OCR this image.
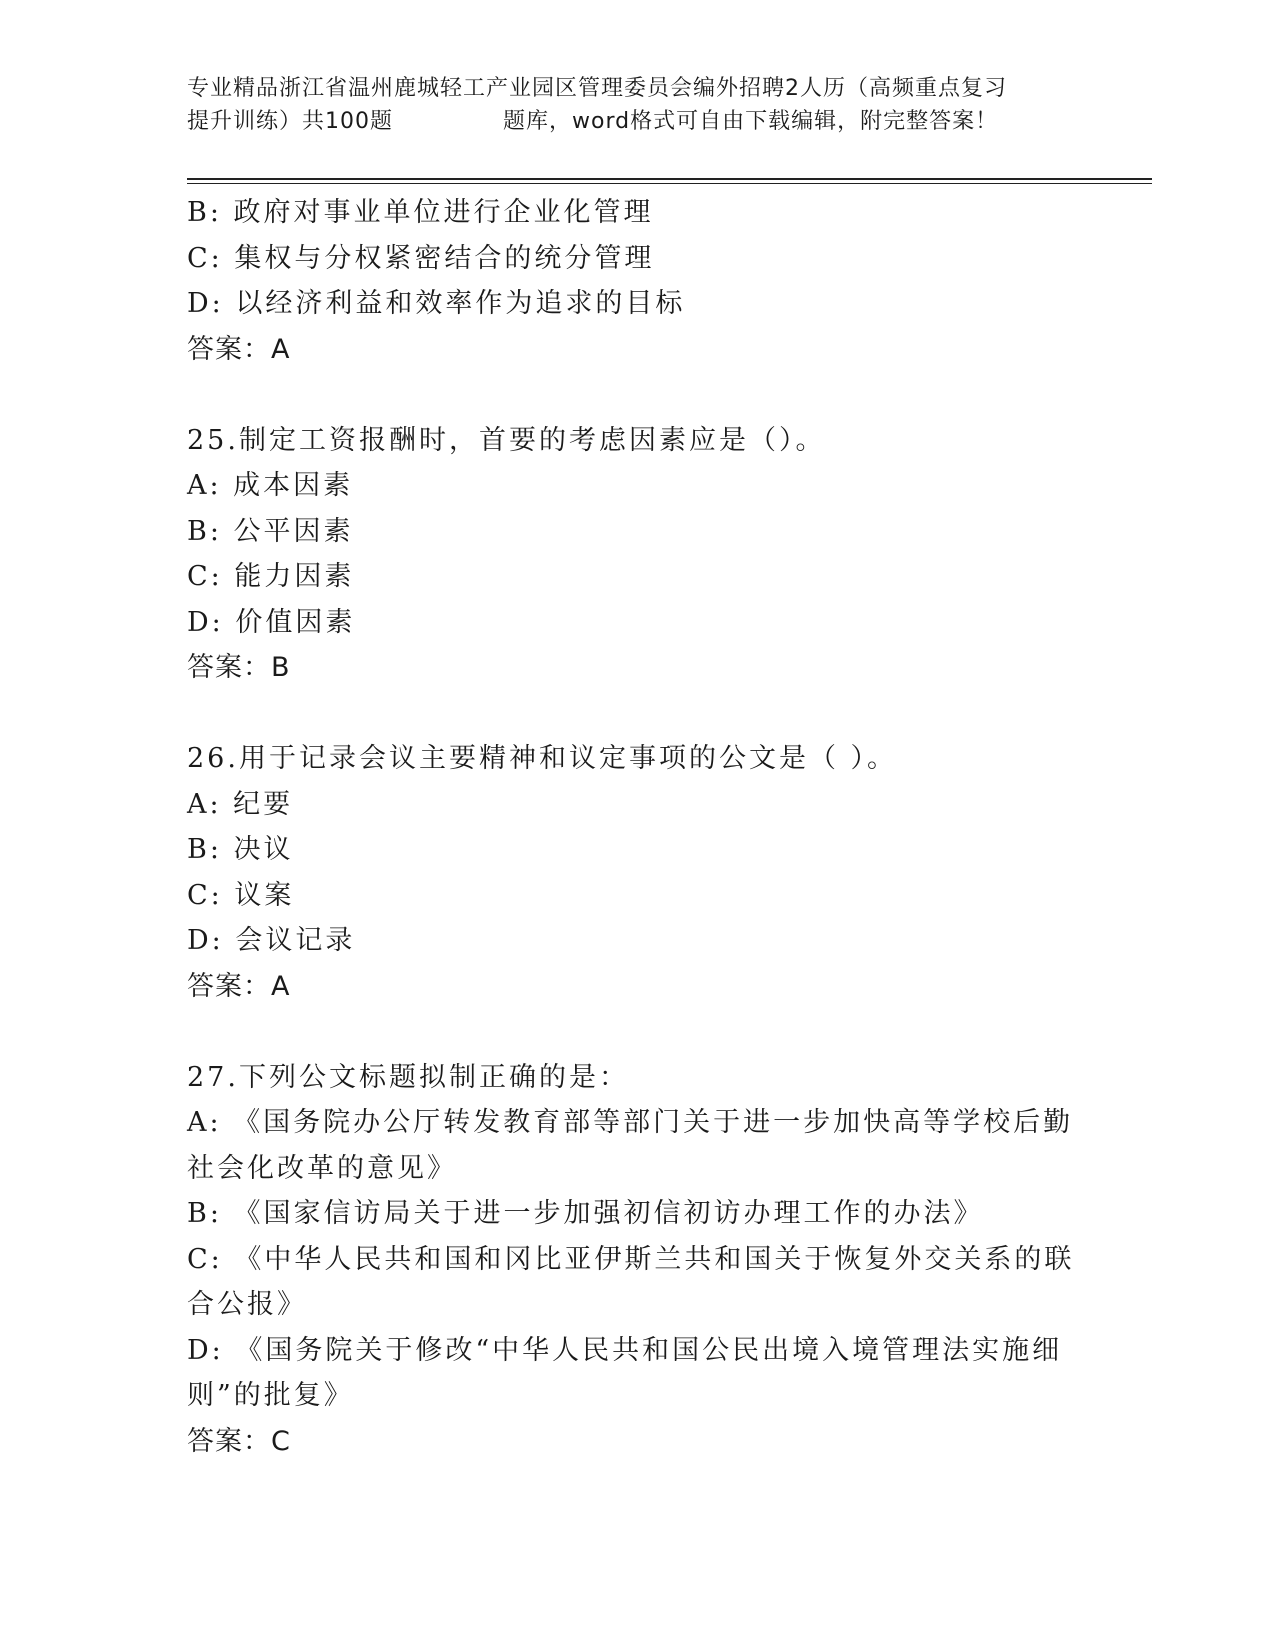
专业精品浙江省温州鹿城轻工产业园区管理委员会编外招聘2人历（高频重点复习
提升训练）共100题	题库，word格式可自由下载编辑，附完整答案！
B: 政府对事业单位进行企业化管理
C: 集权与分权紧密结合的统分管理
D: 以经济利益和效率作为追求的目标
答案：A
25.制定工资报酬时，首要的考虑因素应是（）。
A: 成本因素
B: 公平因素
C: 能力因素
D: 价值因素
答案：B
26.用于记录会议主要精神和议定事项的公文是（ ）。
A: 纪要
B: 决议
C: 议案
D: 会议记录
答案：A
27.下列公文标题拟制正确的是：
A: 《国务院办公厅转发教育部等部门关于进一步加快高等学校后勤社会化改革的意见》
B: 《国家信访局关于进一步加强初信初访办理工作的办法》
C: 《中华人民共和国和冈比亚伊斯兰共和国关于恢复外交关系的联合公报》
D: 《国务院关于修改“中华人民共和国公民出境入境管理法实施细则”的批复》
答案：C
